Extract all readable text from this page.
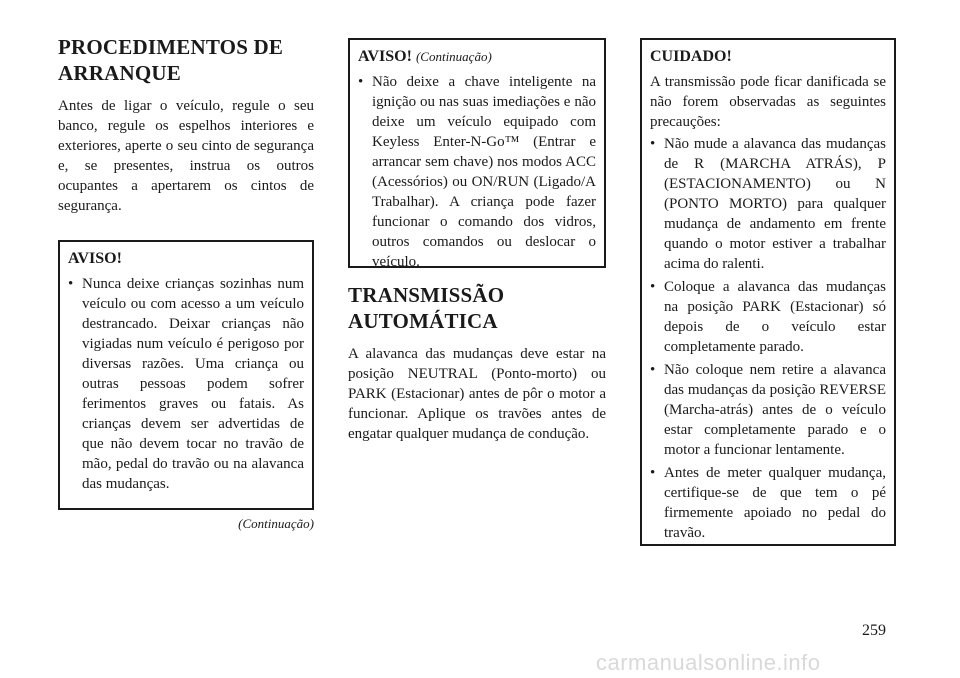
PROCEDIMENTOS DE ARRANQUE

Antes de ligar o veículo, regule o seu banco, regule os espelhos interiores e exteriores, aperte o seu cinto de segurança e, se presentes, instrua os outros ocupantes a apertarem os cintos de segurança.

AVISO!
• Nunca deixe crianças sozinhas num veículo ou com acesso a um veículo destrancado. Deixar crianças não vigiadas num veículo é perigoso por diversas razões. Uma criança ou outras pessoas podem sofrer ferimentos graves ou fatais. As crianças devem ser advertidas de que não devem tocar no travão de mão, pedal do travão ou na alavanca das mudanças.
(Continuação)
AVISO! (Continuação)
• Não deixe a chave inteligente na ignição ou nas suas imediações e não deixe um veículo equipado com Keyless Enter-N-Go™ (Entrar e arrancar sem chave) nos modos ACC (Acessórios) ou ON/RUN (Ligado/A Trabalhar). A criança pode fazer funcionar o comando dos vidros, outros comandos ou deslocar o veículo.
TRANSMISSÃO AUTOMÁTICA

A alavanca das mudanças deve estar na posição NEUTRAL (Ponto-morto) ou PARK (Estacionar) antes de pôr o motor a funcionar. Aplique os travões antes de engatar qualquer mudança de condução.

CUIDADO!

A transmissão pode ficar danificada se não forem observadas as seguintes precauções:

• Não mude a alavanca das mudanças de R (MARCHA ATRÁS), P (ESTACIONAMENTO) ou N (PONTO MORTO) para qualquer mudança de andamento em frente quando o motor estiver a trabalhar acima do ralenti.
• Coloque a alavanca das mudanças na posição PARK (Estacionar) só depois de o veículo estar completamente parado.
• Não coloque nem retire a alavanca das mudanças da posição REVERSE (Marcha-atrás) antes de o veículo estar completamente parado e o motor a funcionar lentamente.
• Antes de meter qualquer mudança, certifique-se de que tem o pé firmemente apoiado no pedal do travão.
259
carmanualsonline.info
